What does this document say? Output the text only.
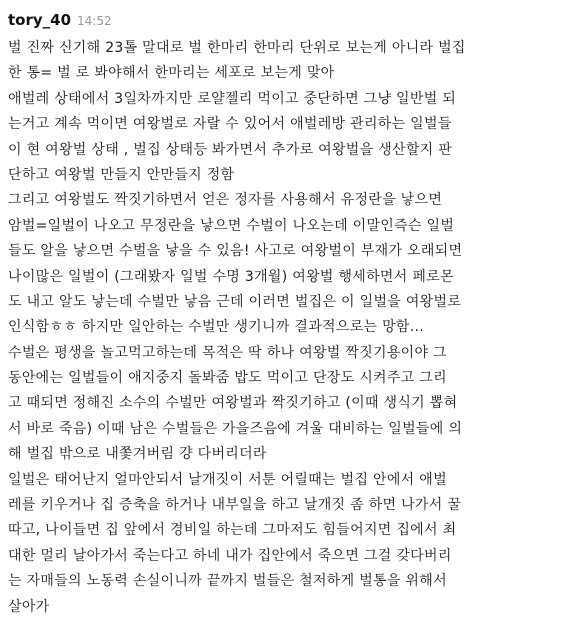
tory_40 14:52
벌 진짜 신기해 23톨 말대로 벌 한마리 한마리 단위로 보는게 아니라 벌집
한 통= 벌 로 봐야해서 한마리는 세포로 보는게 맞아
애벌레 상태에서 3일차까지만 로얄젤리 먹이고 중단하면 그냥 일반벌 되
는거고 계속 먹이면 여왕벌로 자랄 수 있어서 애벌레방 관리하는 일벌들
이 현 여왕벌 상태 , 벌집 상태등 봐가면서 추가로 여왕벌을 생산할지 판
단하고 여왕벌 만들지 안만들지 정함
그리고 여왕벌도 짝짓기하면서 얻은 정자를 사용해서 유정란을 낳으면
암벌=일벌이 나오고 무정란을 낳으면 수벌이 나오는데 이말인즉슨 일벌
들도 알을 낳으면 수벌을 낳을 수 있음! 사고로 여왕벌이 부재가 오래되면
나이많은 일벌이 (그래봤자 일벌 수명 3개월) 여왕벌 행세하면서 페로몬
도 내고 알도 낳는데 수벌만 낳음 근데 이러면 벌집은 이 일벌을 여왕벌로
인식함ㅎㅎ 하지만 일안하는 수벌만 생기니까 결과적으로는 망함...
수벌은 평생을 놀고먹고하는데 목적은 딱 하나 여왕벌 짝짓기용이야 그
동안에는 일벌들이 애지중지 돌봐줌 밥도 먹이고 단장도 시켜주고 그리
고 때되면 정해진 소수의 수벌만 여왕벌과 짝짓기하고 (이때 생식기 뽑혀
서 바로 죽음) 이때 남은 수벌들은 가을즈음에 겨울 대비하는 일벌들에 의
해 벌집 밖으로 내쫓겨버림 걍 다버리더라
일벌은 태어난지 얼마안되서 날개짓이 서툰 어릴때는 벌집 안에서 애벌
레를 키우거나 집 증축을 하거나 내부일을 하고 날개짓 좀 하면 나가서 꿀
따고, 나이들면 집 앞에서 경비일 하는데 그마저도 힘들어지면 집에서 최
대한 멀리 날아가서 죽는다고 하네 내가 집안에서 죽으면 그걸 갖다버리
는 자매들의 노동력 손실이니까 끝까지 벌들은 철저하게 벌통을 위해서
살아가
